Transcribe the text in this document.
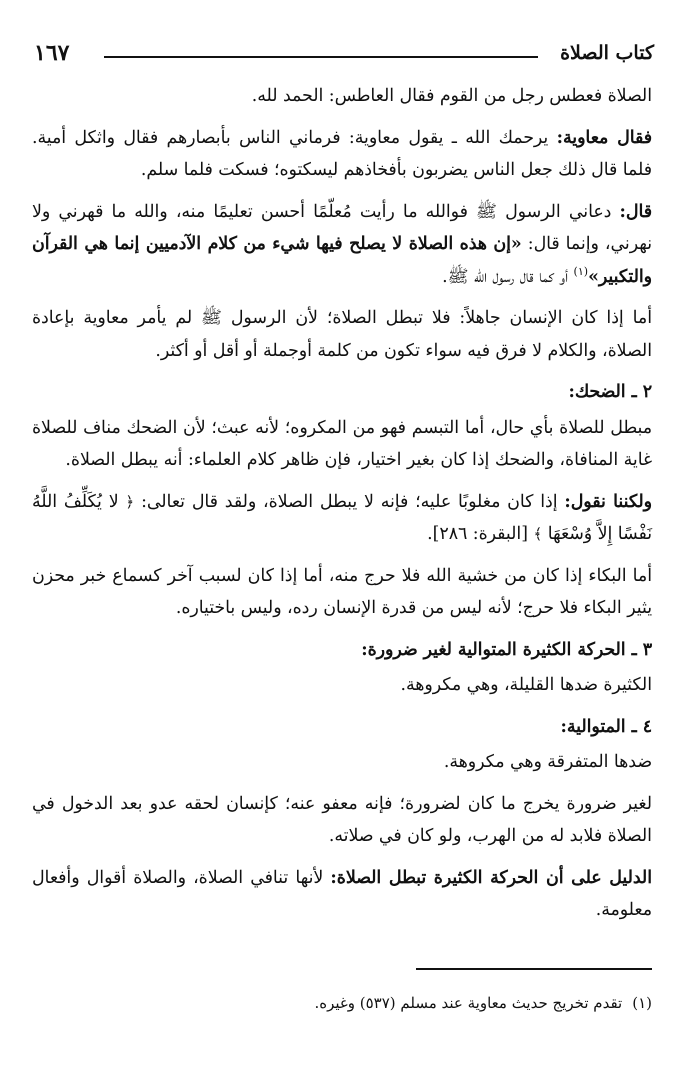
كتاب الصلاة
١٦٧

الصلاة فعطس رجل من القوم فقال العاطس: الحمد لله.

فقال معاوية: يرحمك الله ـ يقول معاوية: فرماني الناس بأبصارهم فقال واثكل أمية. فلما قال ذلك جعل الناس يضربون بأفخاذهم ليسكتوه؛ فسكت فلما سلم.

قال: دعاني الرسول ﷺ فوالله ما رأيت مُعلّمًا أحسن تعليمًا منه، والله ما قهرني ولا نهرني، وإنما قال: «إن هذه الصلاة لا يصلح فيها شيء من كلام الآدميين إنما هي القرآن والتكبير»$^{(١)}$ أو كما قال رسول الله ﷺ.

أما إذا كان الإنسان جاهلاً: فلا تبطل الصلاة؛ لأن الرسول ﷺ لم يأمر معاوية بإعادة الصلاة، والكلام لا فرق فيه سواء تكون من كلمة أوجملة أو أقل أو أكثر.

٢ ـ الضحك:

مبطل للصلاة بأي حال، أما التبسم فهو من المكروه؛ لأنه عبث؛ لأن الضحك مناف للصلاة غاية المنافاة، والضحك إذا كان بغير اختيار، فإن ظاهر كلام العلماء: أنه يبطل الصلاة.

ولكننا نقول: إذا كان مغلوبًا عليه؛ فإنه لا يبطل الصلاة، ولقد قال تعالى: ﴿ لا يُكَلِّفُ اللَّهُ نَفْسًا إِلاَّ وُسْعَهَا ﴾ [البقرة: ٢٨٦].

أما البكاء إذا كان من خشية الله فلا حرج منه، أما إذا كان لسبب آخر كسماع خبر محزن يثير البكاء فلا حرج؛ لأنه ليس من قدرة الإنسان رده، وليس باختياره.

٣ ـ الحركة الكثيرة المتوالية لغير ضرورة:

الكثيرة ضدها القليلة، وهي مكروهة.

٤ ـ المتوالية:

ضدها المتفرقة وهي مكروهة.

لغير ضرورة يخرج ما كان لضرورة؛ فإنه معفو عنه؛ كإنسان لحقه عدو بعد الدخول في الصلاة فلابد له من الهرب، ولو كان في صلاته.

الدليل على أن الحركة الكثيرة تبطل الصلاة: لأنها تنافي الصلاة، والصلاة أقوال وأفعال معلومة.

(١)تقدم تخريج حديث معاوية عند مسلم (٥٣٧) وغيره.
